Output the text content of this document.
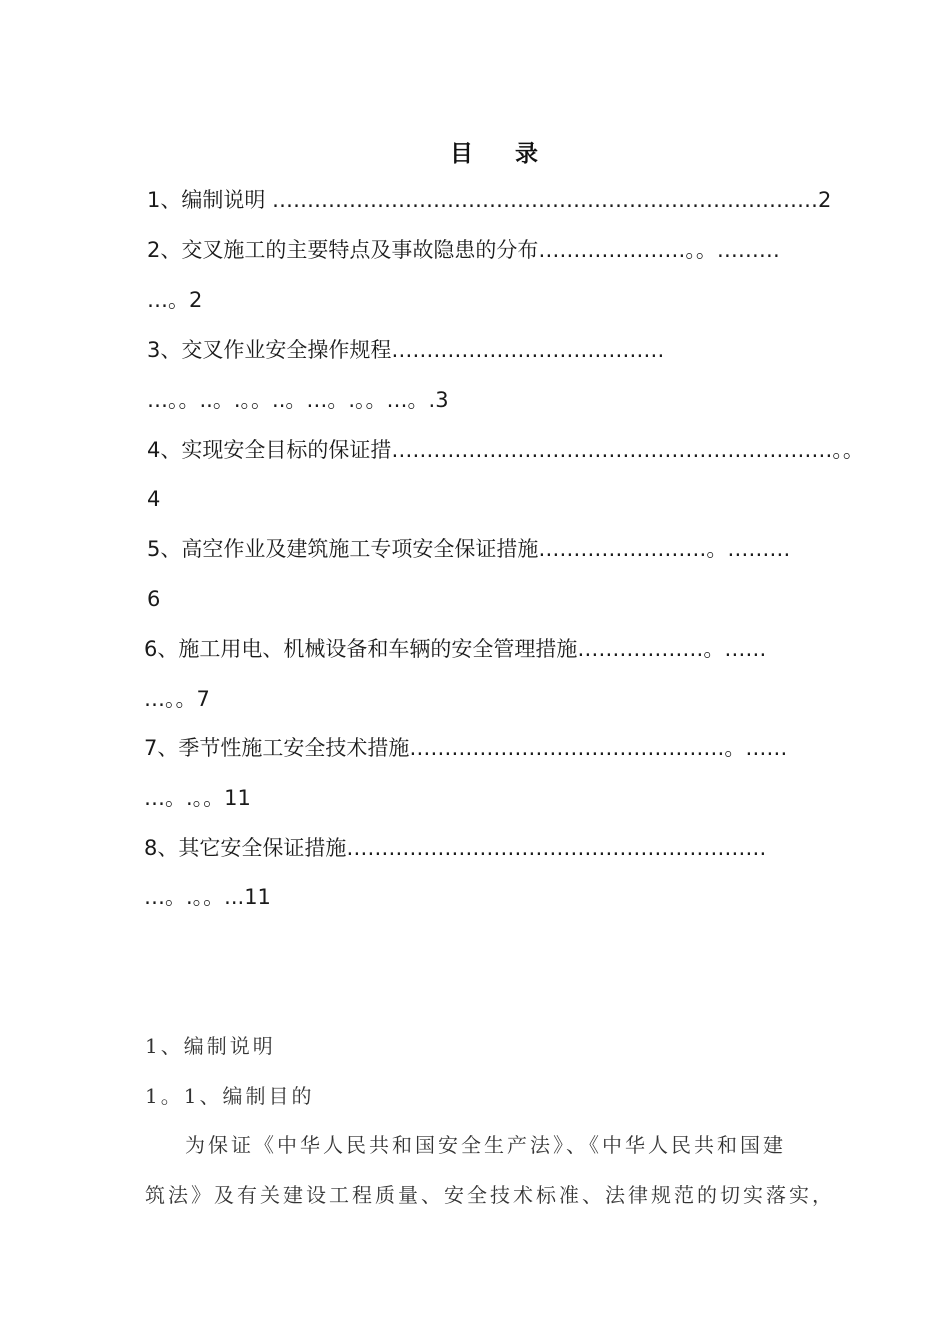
目 录
1、编制说明 ……………………………………………………………………2
2、交叉施工的主要特点及事故隐患的分布…………………。。………
…。2
3、交叉作业安全操作规程…………………………………
…。。..。.。。..。…。.。。…。.3
4、实现安全目标的保证措………………………………………………………。。
4
5、高空作业及建筑施工专项安全保证措施……………………。………
6
6、施工用电、机械设备和车辆的安全管理措施………………。……
…。。7
7、季节性施工安全技术措施………………………………………。……
…。.。。11
8、其它安全保证措施……………………………………………………
…。.。。...11
1、编制说明
1。1、编制目的
为保证《中华人民共和国安全生产法》、《中华人民共和国建
筑法》及有关建设工程质量、安全技术标准、法律规范的切实落实，
